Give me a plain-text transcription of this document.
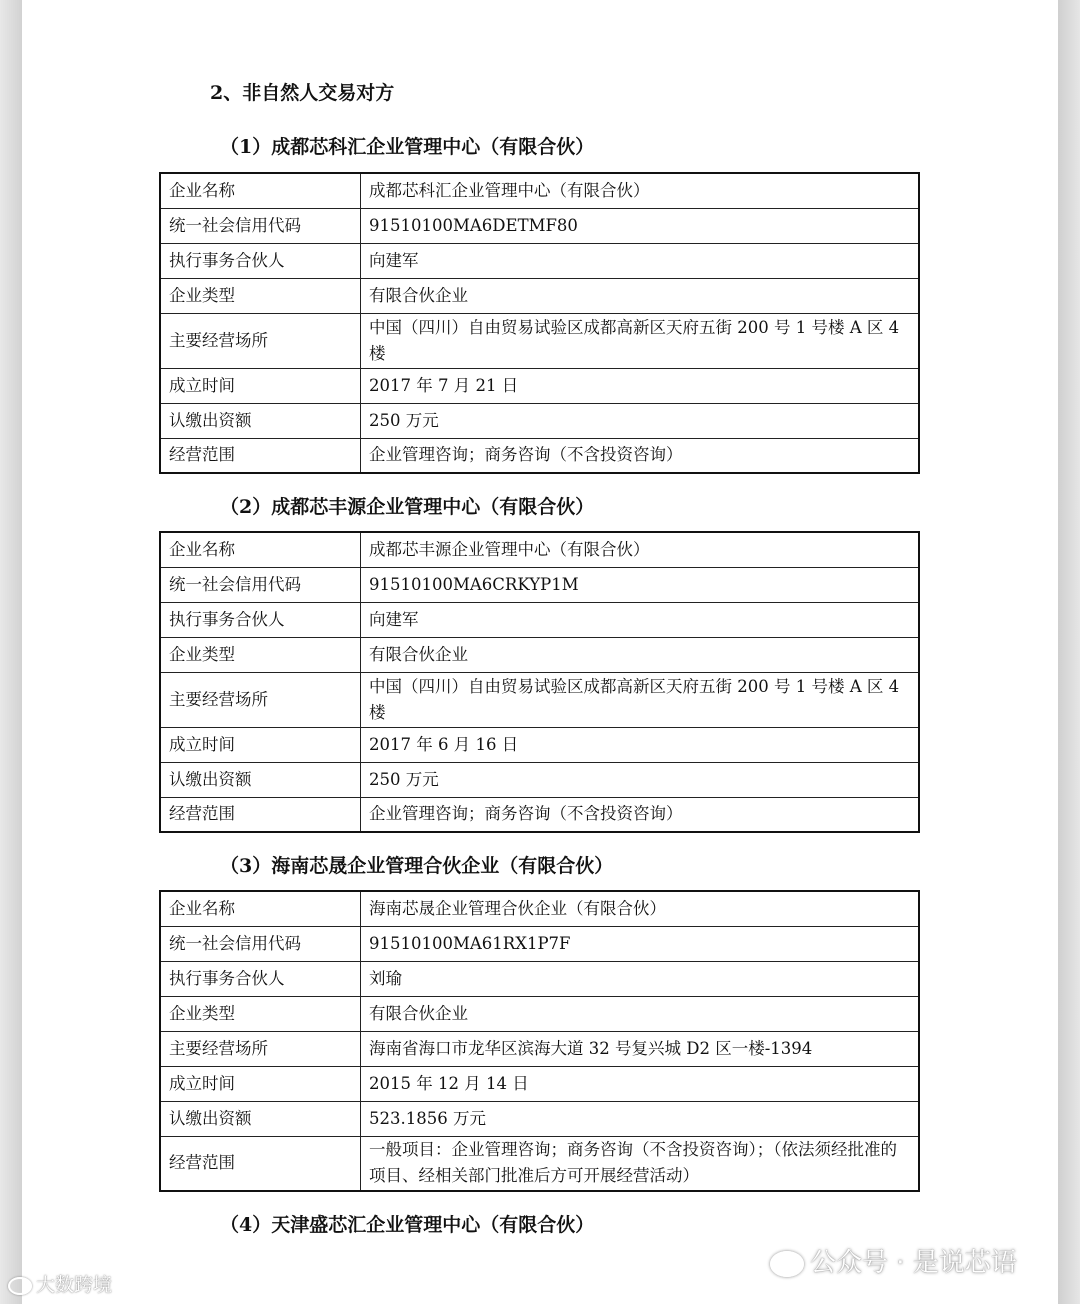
2、非自然人交易对方
（1）成都芯科汇企业管理中心（有限合伙）
企业名称	成都芯科汇企业管理中心（有限合伙）
统一社会信用代码	91510100MA6DETMF80
执行事务合伙人	向建军
企业类型	有限合伙企业
主要经营场所	中国（四川）自由贸易试验区成都高新区天府五街 200 号 1 号楼 A 区 4 楼
成立时间	2017 年 7 月 21 日
认缴出资额	250 万元
经营范围	企业管理咨询；商务咨询（不含投资咨询）
（2）成都芯丰源企业管理中心（有限合伙）
企业名称	成都芯丰源企业管理中心（有限合伙）
统一社会信用代码	91510100MA6CRKYP1M
执行事务合伙人	向建军
企业类型	有限合伙企业
主要经营场所	中国（四川）自由贸易试验区成都高新区天府五街 200 号 1 号楼 A 区 4 楼
成立时间	2017 年 6 月 16 日
认缴出资额	250 万元
经营范围	企业管理咨询；商务咨询（不含投资咨询）
（3）海南芯晟企业管理合伙企业（有限合伙）
企业名称	海南芯晟企业管理合伙企业（有限合伙）
统一社会信用代码	91510100MA61RX1P7F
执行事务合伙人	刘瑜
企业类型	有限合伙企业
主要经营场所	海南省海口市龙华区滨海大道 32 号复兴城 D2 区一楼-1394
成立时间	2015 年 12 月 14 日
认缴出资额	523.1856 万元
经营范围	一般项目：企业管理咨询；商务咨询（不含投资咨询）；（依法须经批准的项目、经相关部门批准后方可开展经营活动）
（4）天津盛芯汇企业管理中心（有限合伙）
大数跨境
公众号 · 是说芯语
